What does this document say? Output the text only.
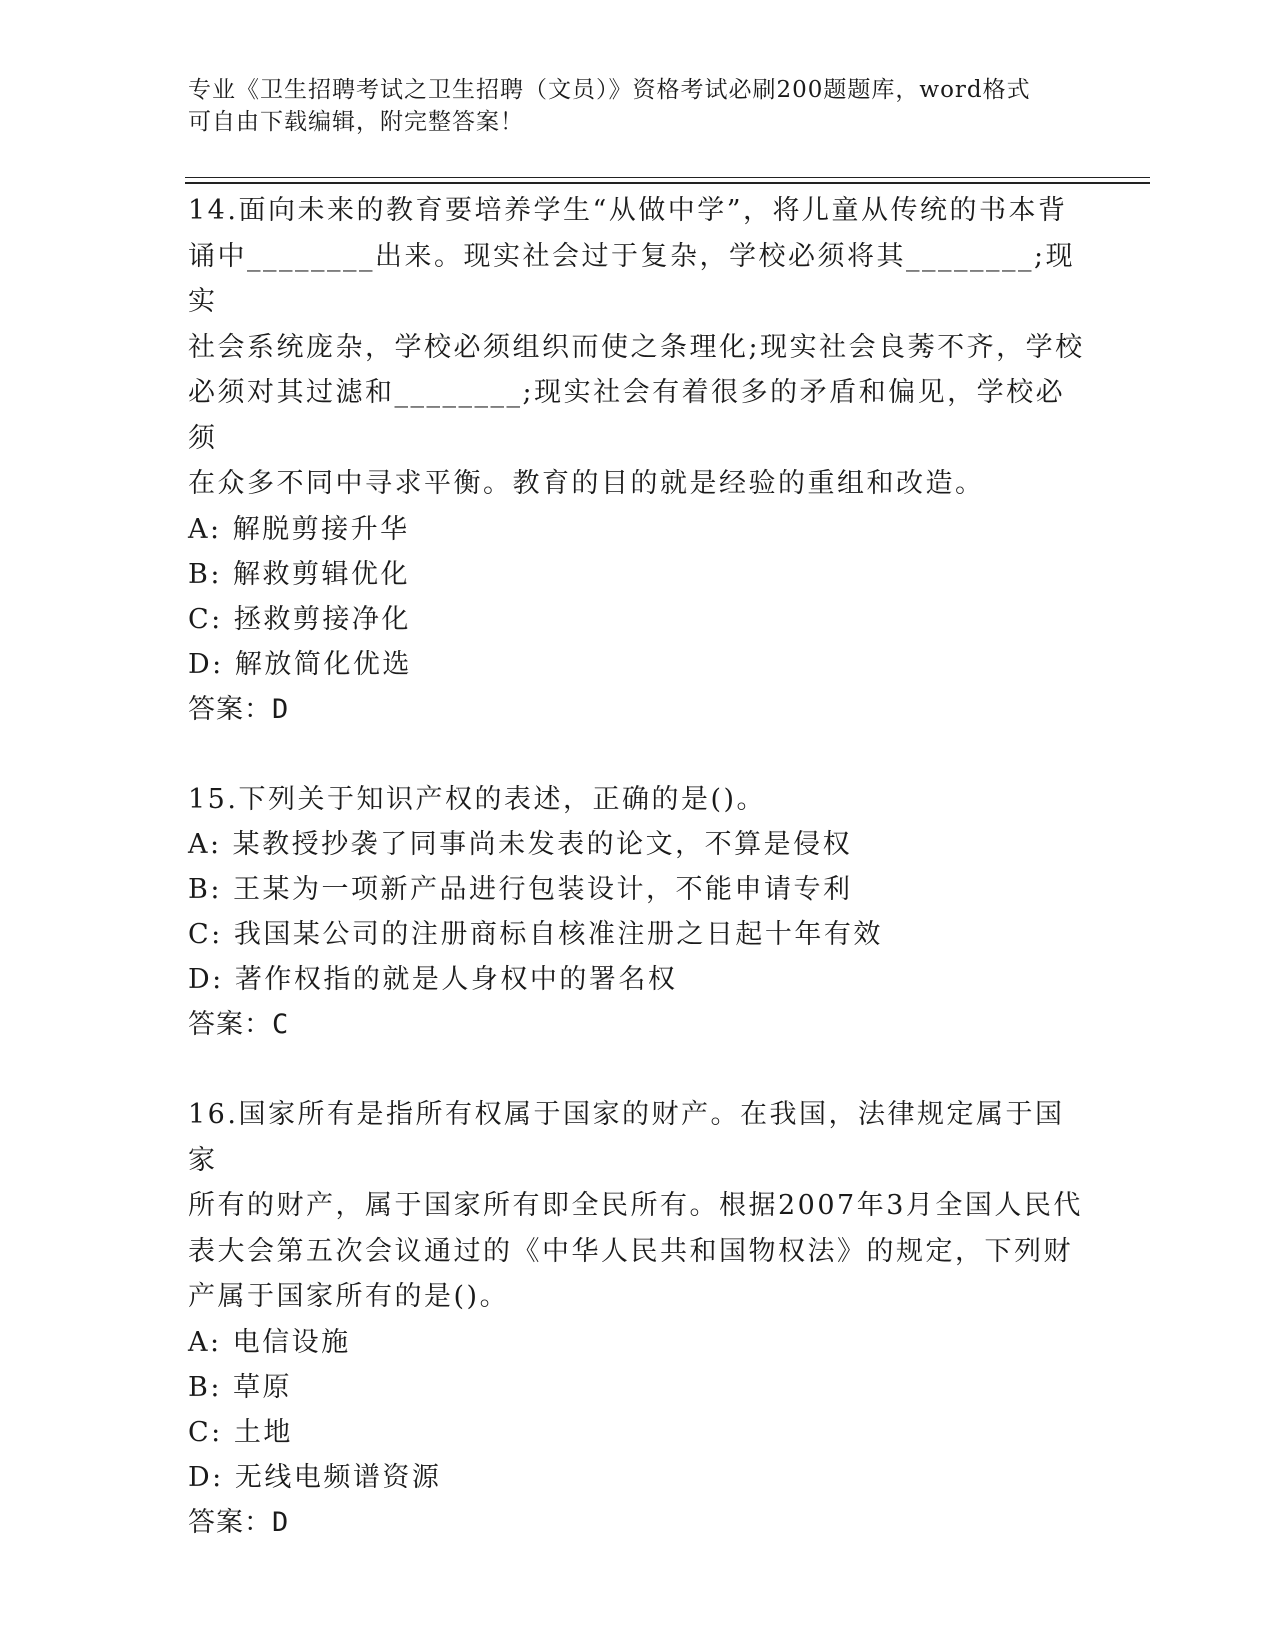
专业《卫生招聘考试之卫生招聘（文员）》资格考试必刷200题题库，word格式
可自由下载编辑，附完整答案！

14.面向未来的教育要培养学生“从做中学”，将儿童从传统的书本背

诵中________出来。现实社会过于复杂，学校必须将其________;现实

社会系统庞杂，学校必须组织而使之条理化;现实社会良莠不齐，学校

必须对其过滤和________;现实社会有着很多的矛盾和偏见，学校必须

在众多不同中寻求平衡。教育的目的就是经验的重组和改造。

A: 解脱剪接升华

B: 解救剪辑优化

C: 拯救剪接净化

D: 解放简化优选

答案：D

15.下列关于知识产权的表述，正确的是()。

A: 某教授抄袭了同事尚未发表的论文，不算是侵权

B: 王某为一项新产品进行包装设计，不能申请专利

C: 我国某公司的注册商标自核准注册之日起十年有效

D: 著作权指的就是人身权中的署名权

答案：C

16.国家所有是指所有权属于国家的财产。在我国，法律规定属于国家

所有的财产，属于国家所有即全民所有。根据2007年3月全国人民代

表大会第五次会议通过的《中华人民共和国物权法》的规定，下列财

产属于国家所有的是()。

A: 电信设施

B: 草原

C: 土地

D: 无线电频谱资源

答案：D
